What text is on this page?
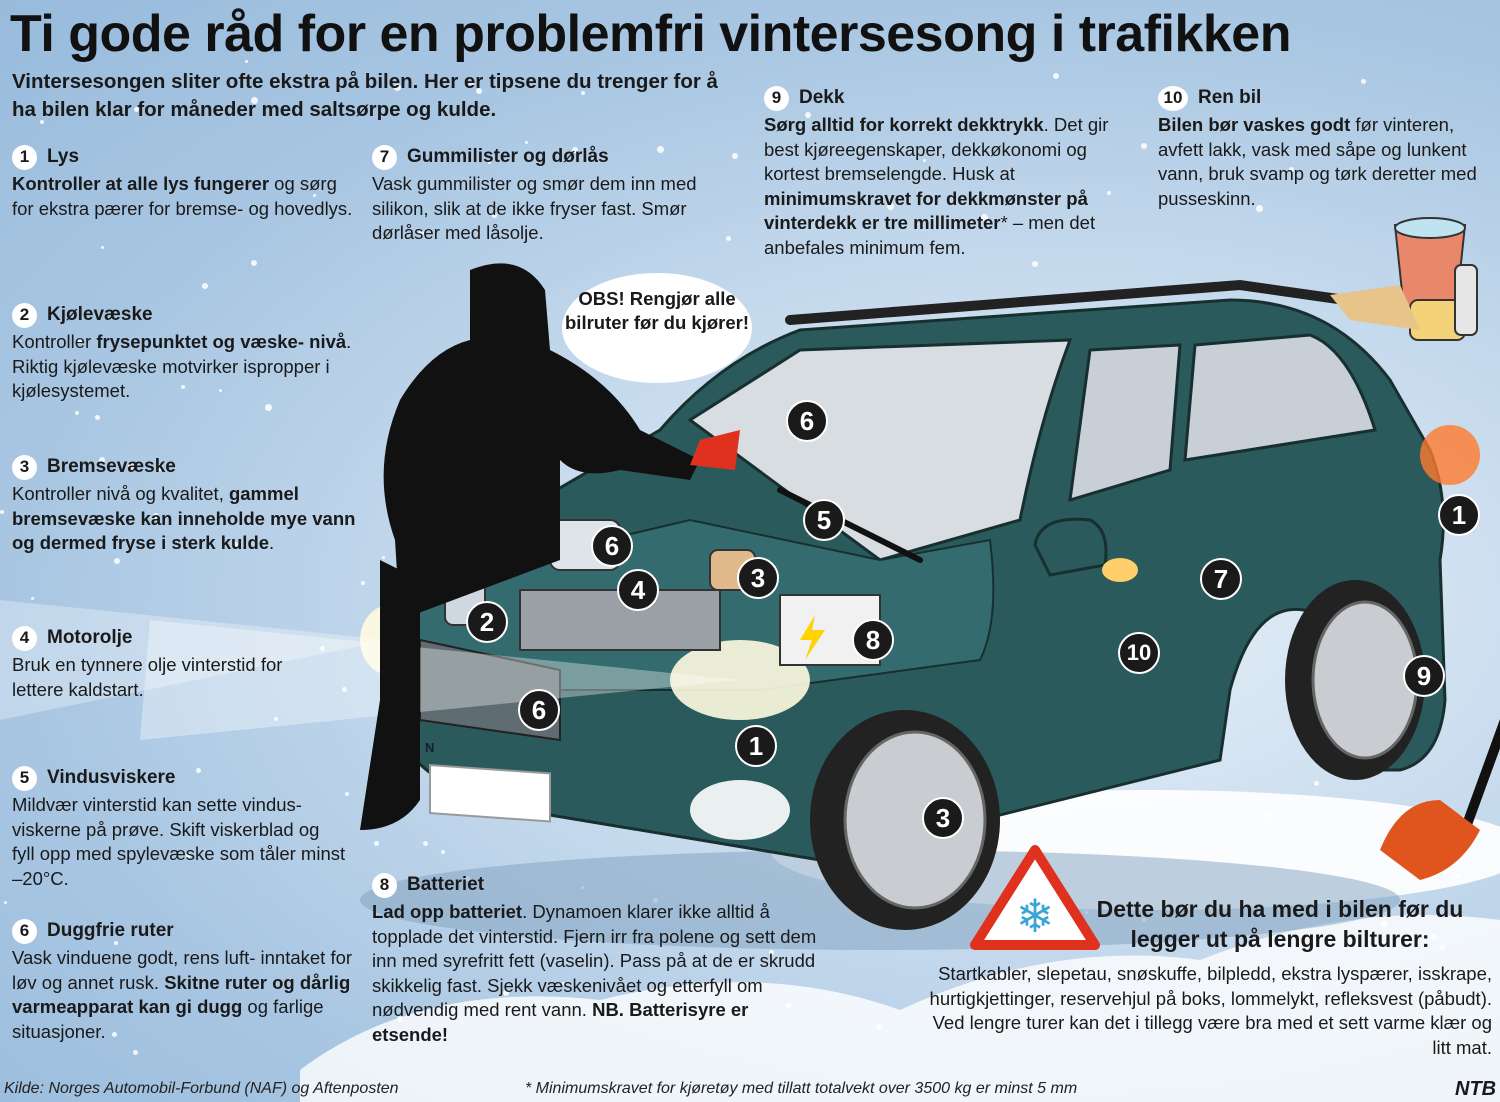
❄
Ti gode råd for en problemfri vintersesong i trafikken
Vintersesongen sliter ofte ekstra på bilen. Her er tipsene du trenger for å ha bilen klar for måneder med saltsørpe og kulde.
1 Lys

Kontroller at alle lys fungerer og sørg for ekstra pærer for bremse- og hovedlys.

2 Kjølevæske

Kontroller frysepunktet og væske- nivå. Riktig kjølevæske motvirker ispropper i kjølesystemet.

3 Bremsevæske

Kontroller nivå og kvalitet, gammel bremsevæske kan inneholde mye vann og dermed fryse i sterk kulde.

4 Motorolje

Bruk en tynnere olje vinterstid for lettere kaldstart.

5 Vindusviskere

Mildvær vinterstid kan sette vindus- viskerne på prøve. Skift viskerblad og fyll opp med spylevæske som tåler minst –20°C.

6 Duggfrie ruter

Vask vinduene godt, rens luft- inntaket for løv og annet rusk. Skitne ruter og dårlig varmeapparat kan gi dugg og farlige situasjoner.

7 Gummilister og dørlås

Vask gummilister og smør dem inn med silikon, slik at de ikke fryser fast. Smør dørlåser med låsolje.

8 Batteriet

Lad opp batteriet. Dynamoen klarer ikke alltid å topplade det vinterstid. Fjern irr fra polene og sett dem inn med syrefritt fett (vaselin). Pass på at de er skrudd skikkelig fast. Sjekk væskenivået og etterfyll om nødvendig med rent vann. NB. Batterisyre er etsende!

9 Dekk

Sørg alltid for korrekt dekktrykk. Det gir best kjøreegenskaper, dekkøkonomi og kortest bremselengde. Husk at minimumskravet for dekkmønster på vinterdekk er tre millimeter* – men det anbefales minimum fem.

10 Ren bil

Bilen bør vaskes godt før vinteren, avfett lakk, vask med såpe og lunkent vann, bruk svamp og tørk deretter med pusseskinn.

OBS! Rengjør alle bilruter før du kjører!
6
5
6
4	3
2
8
6
1
3
7
10
1
9
N
Dette bør du ha med i bilen før du legger ut på lengre bilturer:
Startkabler, slepetau, snøskuffe, bilpledd, ekstra lyspærer, isskrape, hurtigkjettinger, reservehjul på boks, lommelykt, refleksvest (påbudt). Ved lengre turer kan det i tillegg være bra med et sett varme klær og litt mat.
Kilde: Norges Automobil-Forbund (NAF) og Aftenposten	* Minimumskravet for kjøretøy med tillatt totalvekt over 3500 kg er minst 5 mm	NTB
